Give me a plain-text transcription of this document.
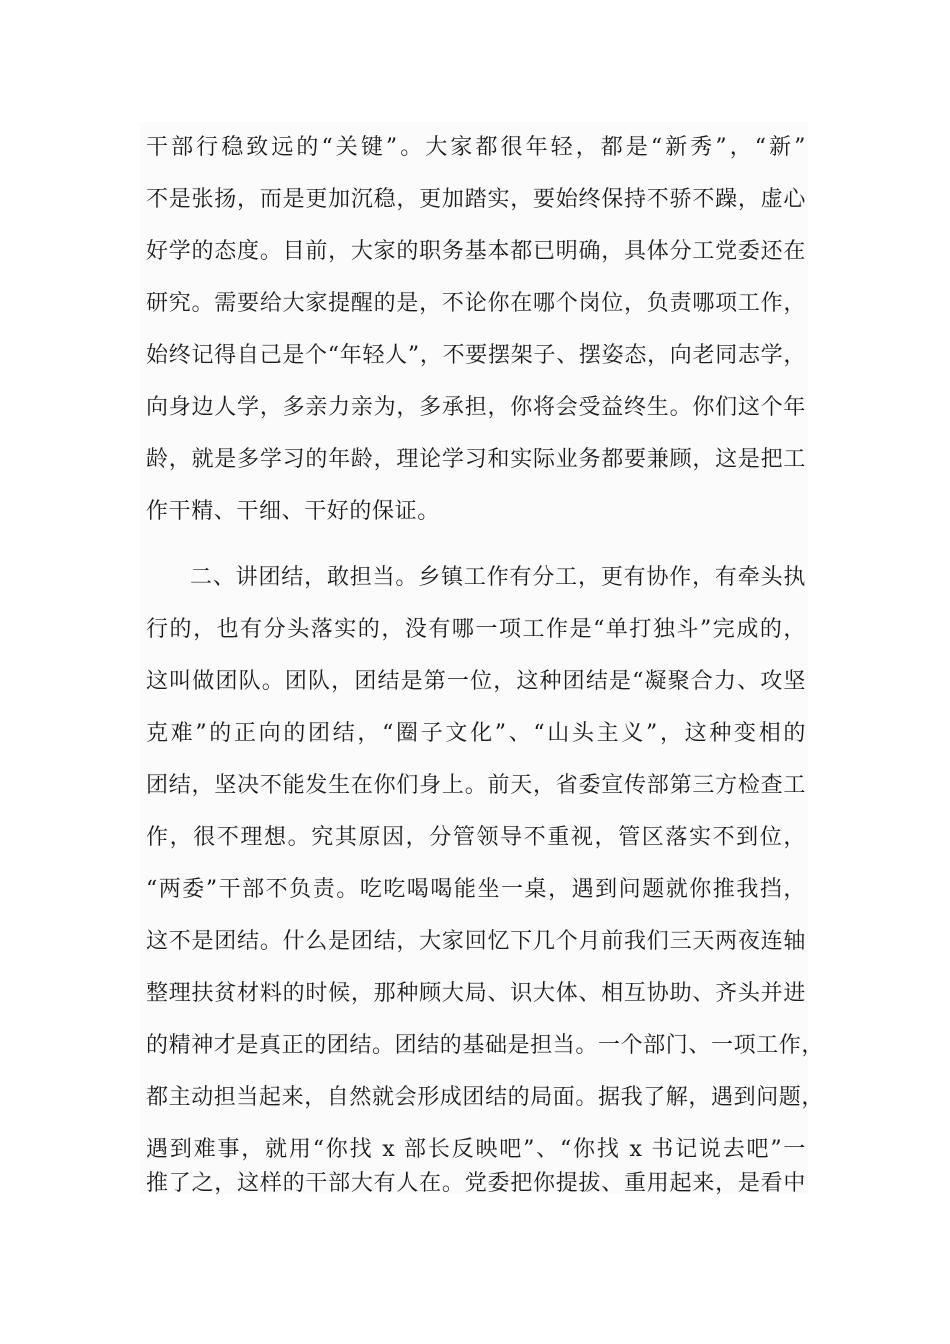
干部行稳致远的“关键”。大家都很年轻，都是“新秀”，“新”
不是张扬，而是更加沉稳，更加踏实，要始终保持不骄不躁，虚心
好学的态度。目前，大家的职务基本都已明确，具体分工党委还在
研究。需要给大家提醒的是，不论你在哪个岗位，负责哪项工作，
始终记得自己是个“年轻人”，不要摆架子、摆姿态，向老同志学，
向身边人学，多亲力亲为，多承担，你将会受益终生。你们这个年
龄，就是多学习的年龄，理论学习和实际业务都要兼顾，这是把工
作干精、干细、干好的保证。
二、讲团结，敢担当。乡镇工作有分工，更有协作，有牵头执
行的，也有分头落实的，没有哪一项工作是“单打独斗”完成的，
这叫做团队。团队，团结是第一位，这种团结是“凝聚合力、攻坚
克难”的正向的团结，“圈子文化”、“山头主义”，这种变相的
团结，坚决不能发生在你们身上。前天，省委宣传部第三方检查工
作，很不理想。究其原因，分管领导不重视，管区落实不到位，
“两委”干部不负责。吃吃喝喝能坐一桌，遇到问题就你推我挡，
这不是团结。什么是团结，大家回忆下几个月前我们三天两夜连轴
整理扶贫材料的时候，那种顾大局、识大体、相互协助、齐头并进
的精神才是真正的团结。团结的基础是担当。一个部门、一项工作，
都主动担当起来，自然就会形成团结的局面。据我了解，遇到问题，
遇到难事，就用“你找 x 部长反映吧”、“你找 x 书记说去吧”一
推了之，这样的干部大有人在。党委把你提拔、重用起来，是看中
